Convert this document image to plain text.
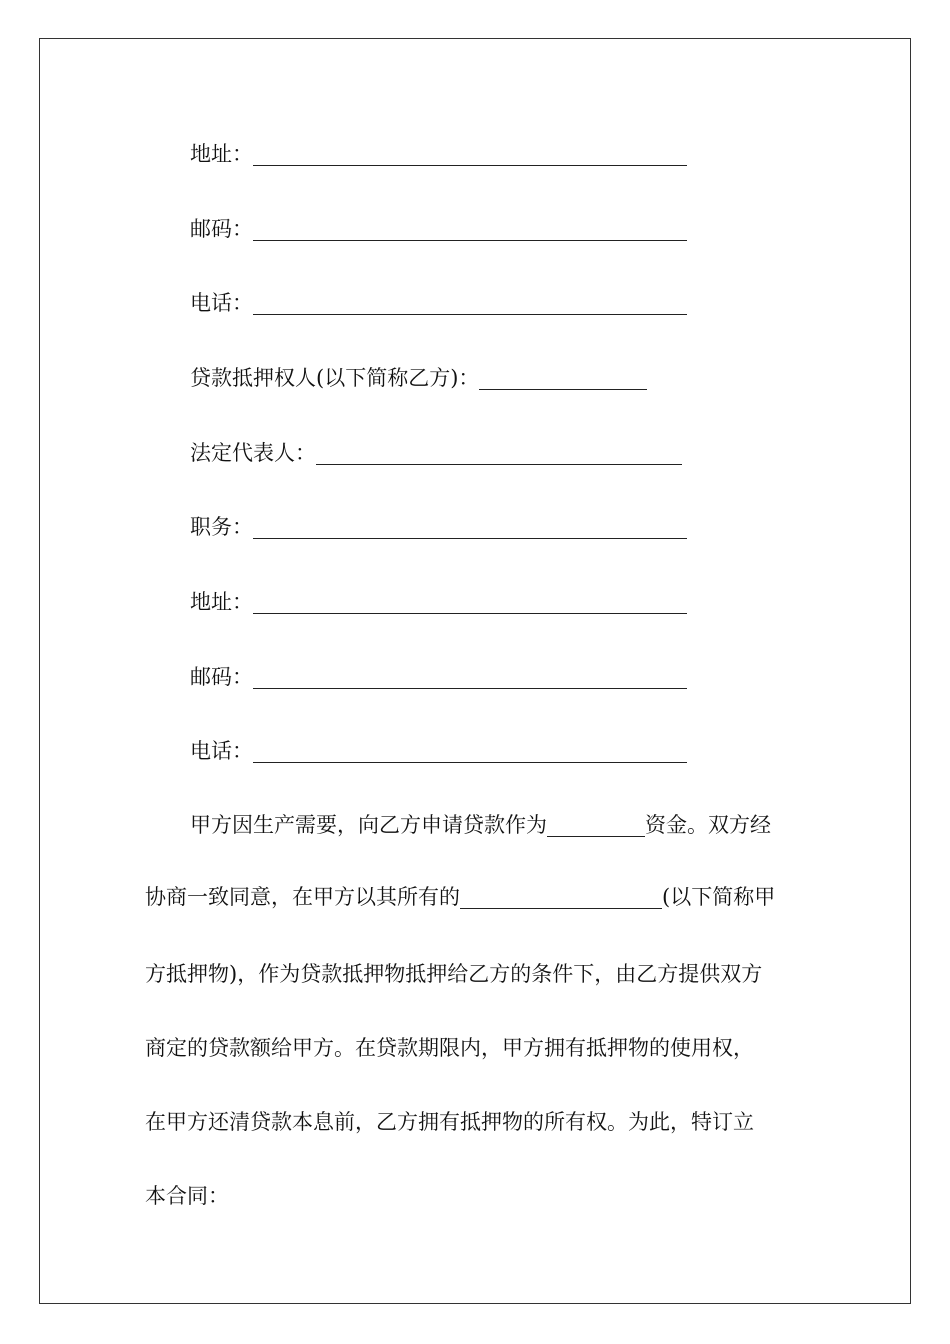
地址：
邮码：
电话：
贷款抵押权人(以下简称乙方)：
法定代表人：
职务：
地址：
邮码：
电话：
甲方因生产需要，向乙方申请贷款作为	资金。双方经
协商一致同意，在甲方以其所有的	(以下简称甲
方抵押物)，作为贷款抵押物抵押给乙方的条件下，由乙方提供双方
商定的贷款额给甲方。在贷款期限内，甲方拥有抵押物的使用权，
在甲方还清贷款本息前，乙方拥有抵押物的所有权。为此，特订立
本合同：
